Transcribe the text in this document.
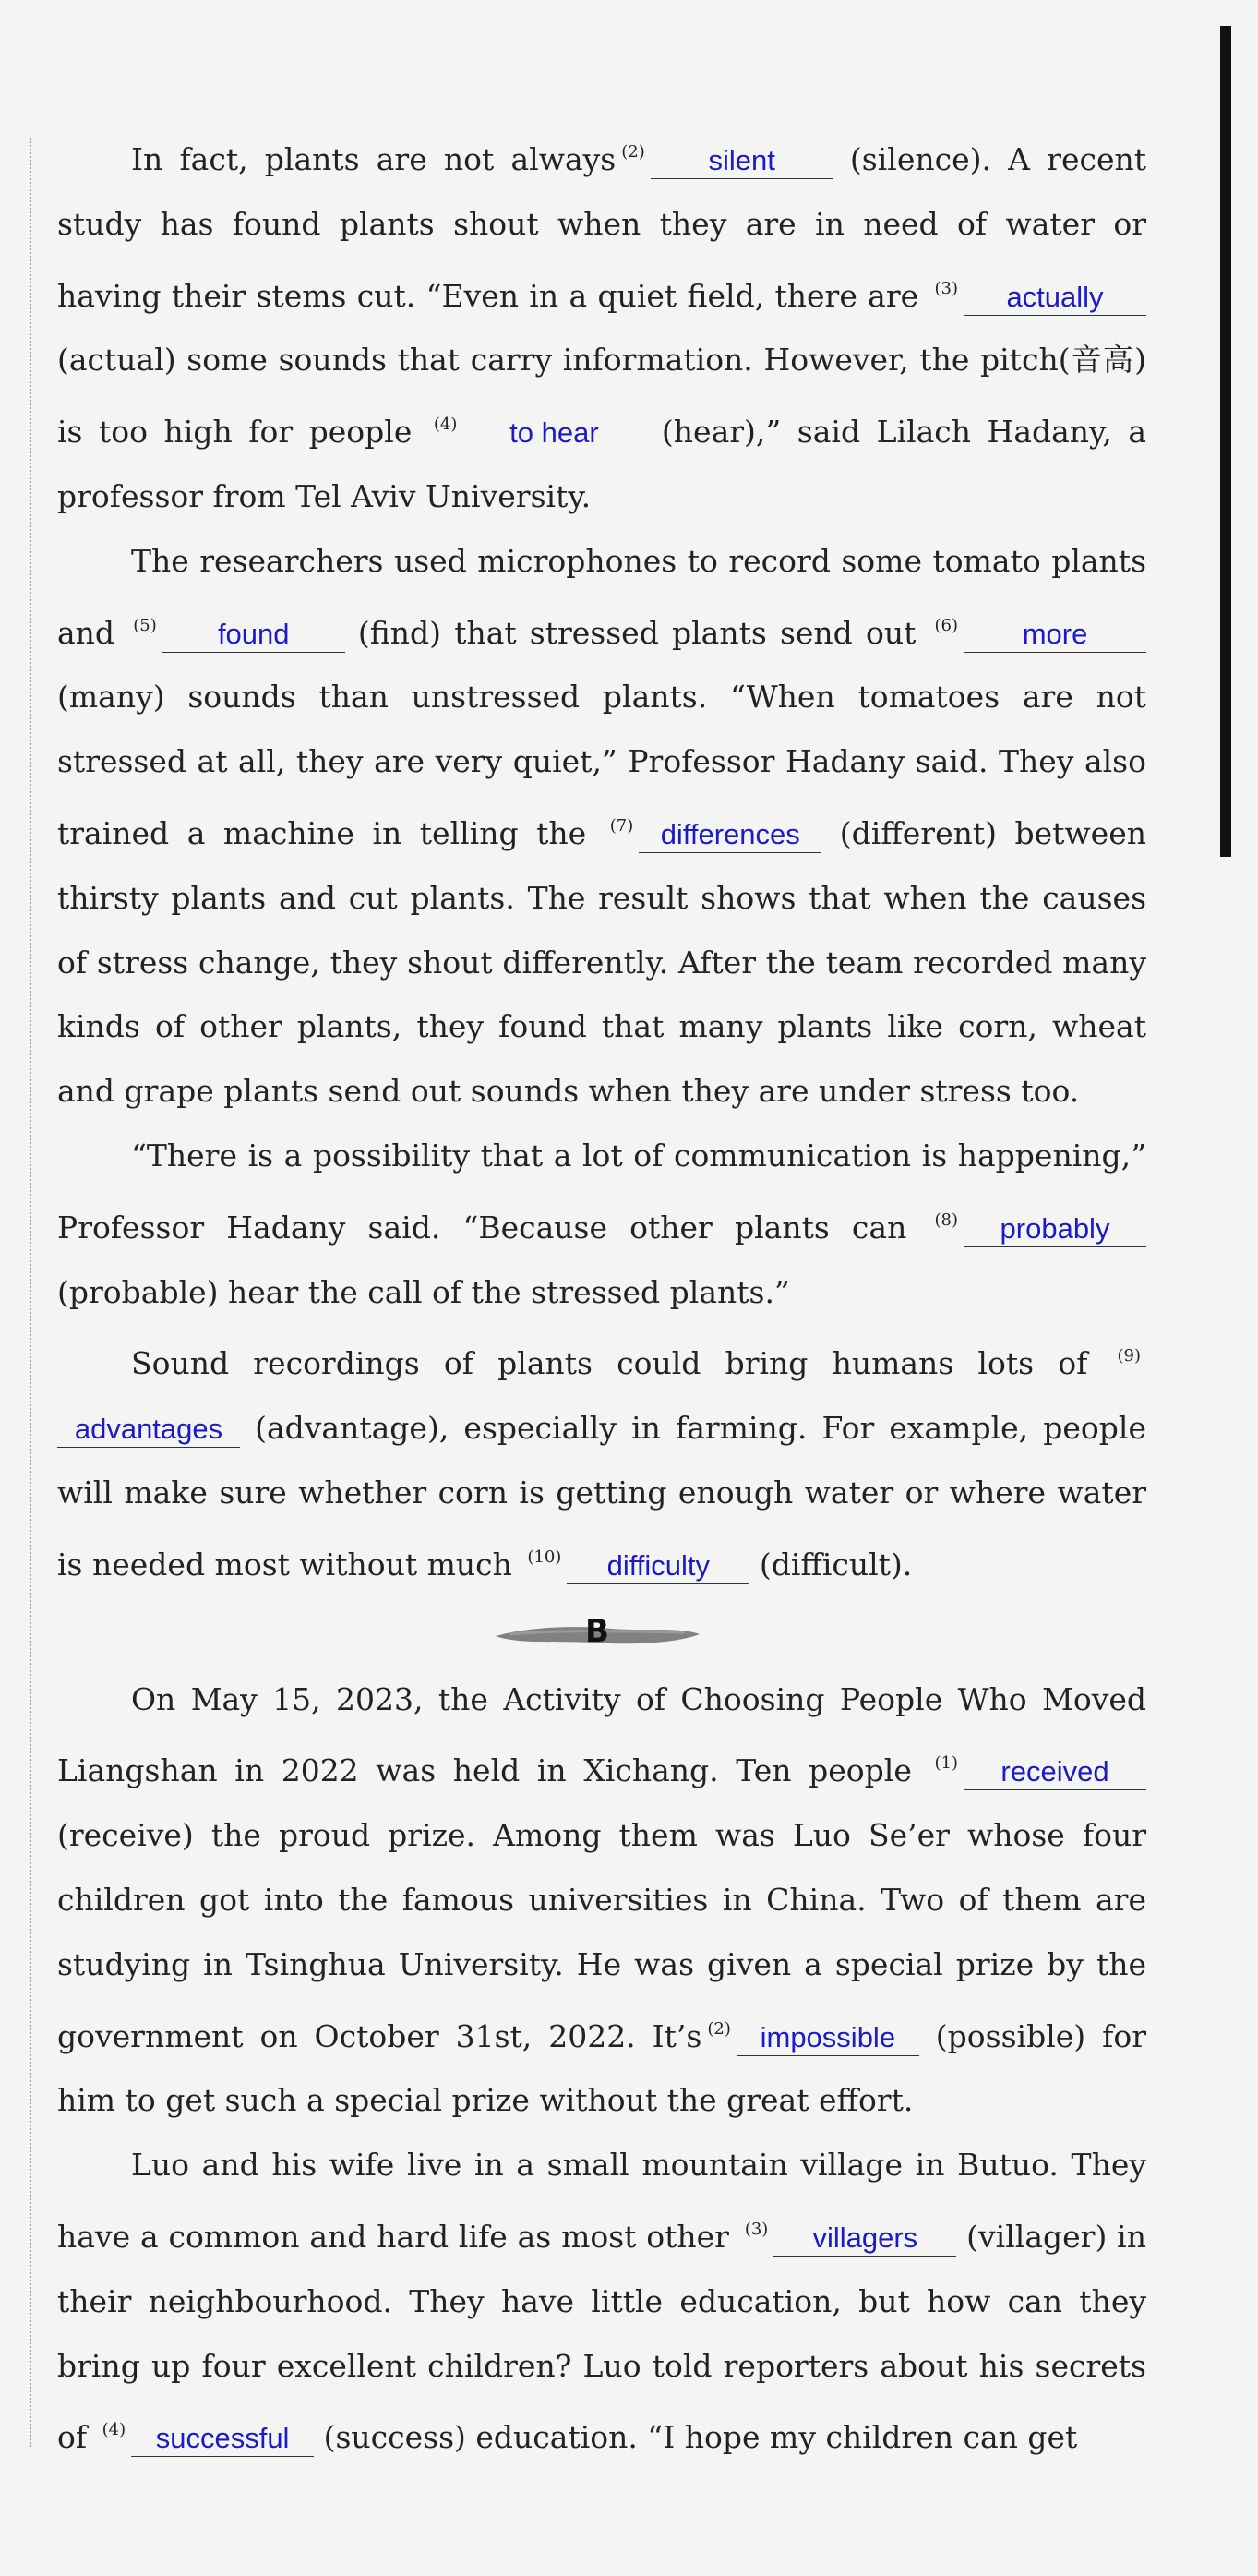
In fact, plants are not always $^{(2)}$ silent (silence). A recent study has found plants shout when they are in need of water or having their stems cut. “Even in a quiet field, there are $^{(3)}$ actually (actual) some sounds that carry information. However, the pitch(音高) is too high for people $^{(4)}$ to hear (hear),” said Lilach Hadany, a professor from Tel Aviv University.

The researchers used microphones to record some tomato plants and $^{(5)}$ found (find) that stressed plants send out $^{(6)}$ more (many) sounds than unstressed plants. “When tomatoes are not stressed at all, they are very quiet,” Professor Hadany said. They also trained a machine in telling the $^{(7)}$ differences (different) between thirsty plants and cut plants. The result shows that when the causes of stress change, they shout differently. After the team recorded many kinds of other plants, they found that many plants like corn, wheat and grape plants send out sounds when they are under stress too.

“There is a possibility that a lot of communication is happening,” Professor Hadany said. “Because other plants can $^{(8)}$ probably (probable) hear the call of the stressed plants.”

Sound recordings of plants could bring humans lots of $^{(9)}$advantages (advantage), especially in farming. For example, people will make sure whether corn is getting enough water or where water is needed most without much $^{(10)}$ difficulty (difficult).

B

On May 15, 2023, the Activity of Choosing People Who Moved Liangshan in 2022 was held in Xichang. Ten people $^{(1)}$ received (receive) the proud prize. Among them was Luo Se’er whose four children got into the famous universities in China. Two of them are studying in Tsinghua University. He was given a special prize by the government on October 31st, 2022. It’s $^{(2)}$ impossible (possible) for him to get such a special prize without the great effort.

Luo and his wife live in a small mountain village in Butuo. They have a common and hard life as most other $^{(3)}$ villagers (villager) in their neighbourhood. They have little education, but how can they bring up four excellent children? Luo told reporters about his secrets of $^{(4)}$ successful (success) education. “I hope my children can get
